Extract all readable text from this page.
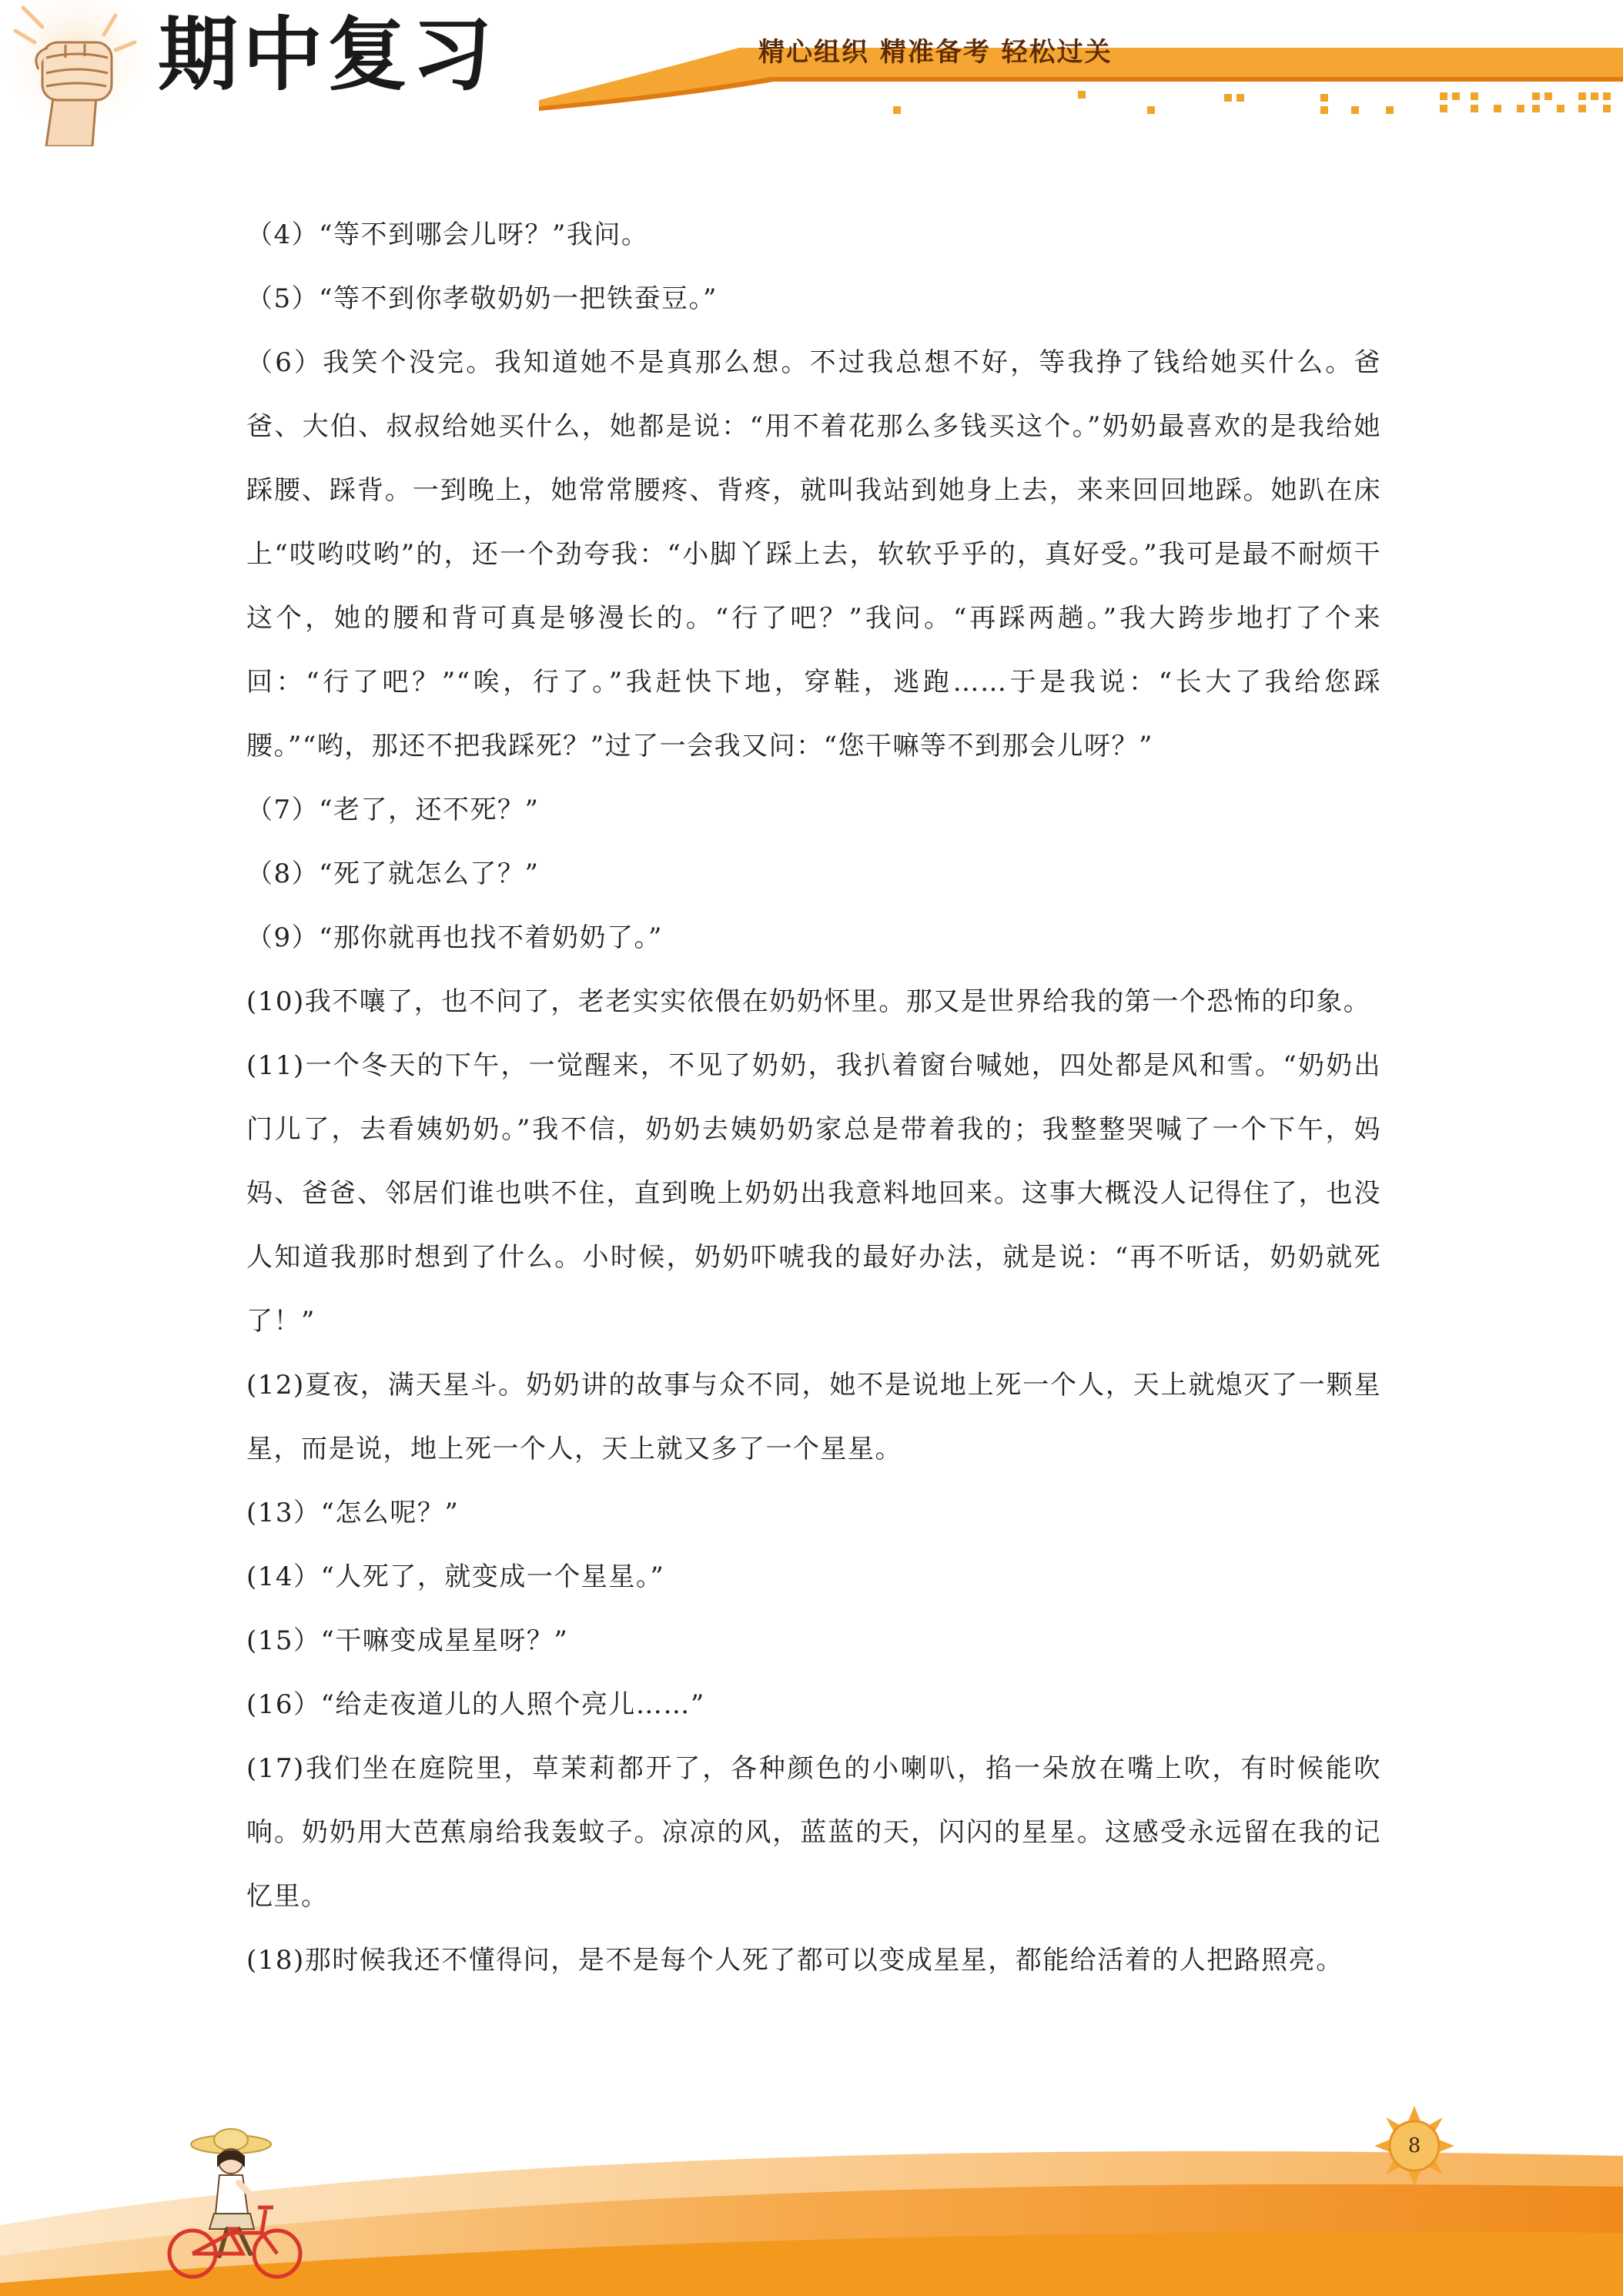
期中复习	精心组织 精准备考 轻松过关

（4）“等不到哪会儿呀？”我问。

（5）“等不到你孝敬奶奶一把铁蚕豆。”

（6）我笑个没完。我知道她不是真那么想。不过我总想不好，等我挣了钱给她买什么。爸爸、大伯、叔叔给她买什么，她都是说：“用不着花那么多钱买这个。”奶奶最喜欢的是我给她踩腰、踩背。一到晚上，她常常腰疼、背疼，就叫我站到她身上去，来来回回地踩。她趴在床上“哎哟哎哟”的，还一个劲夸我：“小脚丫踩上去，软软乎乎的，真好受。”我可是最不耐烦干这个，她的腰和背可真是够漫长的。“行了吧？”我问。“再踩两趟。”我大跨步地打了个来回：“行了吧？”“唉，行了。”我赶快下地，穿鞋，逃跑……于是我说：“长大了我给您踩腰。”“哟，那还不把我踩死？”过了一会我又问：“您干嘛等不到那会儿呀？”

（7）“老了，还不死？”

（8）“死了就怎么了？”

（9）“那你就再也找不着奶奶了。”

(10)我不嚷了，也不问了，老老实实依偎在奶奶怀里。那又是世界给我的第一个恐怖的印象。

(11)一个冬天的下午，一觉醒来，不见了奶奶，我扒着窗台喊她，四处都是风和雪。“奶奶出门儿了，去看姨奶奶。”我不信，奶奶去姨奶奶家总是带着我的；我整整哭喊了一个下午，妈妈、爸爸、邻居们谁也哄不住，直到晚上奶奶出我意料地回来。这事大概没人记得住了，也没人知道我那时想到了什么。小时候，奶奶吓唬我的最好办法，就是说：“再不听话，奶奶就死了！”

(12)夏夜，满天星斗。奶奶讲的故事与众不同，她不是说地上死一个人，天上就熄灭了一颗星星，而是说，地上死一个人，天上就又多了一个星星。

(13）“怎么呢？”

(14）“人死了，就变成一个星星。”

(15）“干嘛变成星星呀？”

(16）“给走夜道儿的人照个亮儿……”

(17)我们坐在庭院里，草茉莉都开了，各种颜色的小喇叭，掐一朵放在嘴上吹，有时候能吹响。奶奶用大芭蕉扇给我轰蚊子。凉凉的风，蓝蓝的天，闪闪的星星。这感受永远留在我的记忆里。

(18)那时候我还不懂得问，是不是每个人死了都可以变成星星，都能给活着的人把路照亮。

8
